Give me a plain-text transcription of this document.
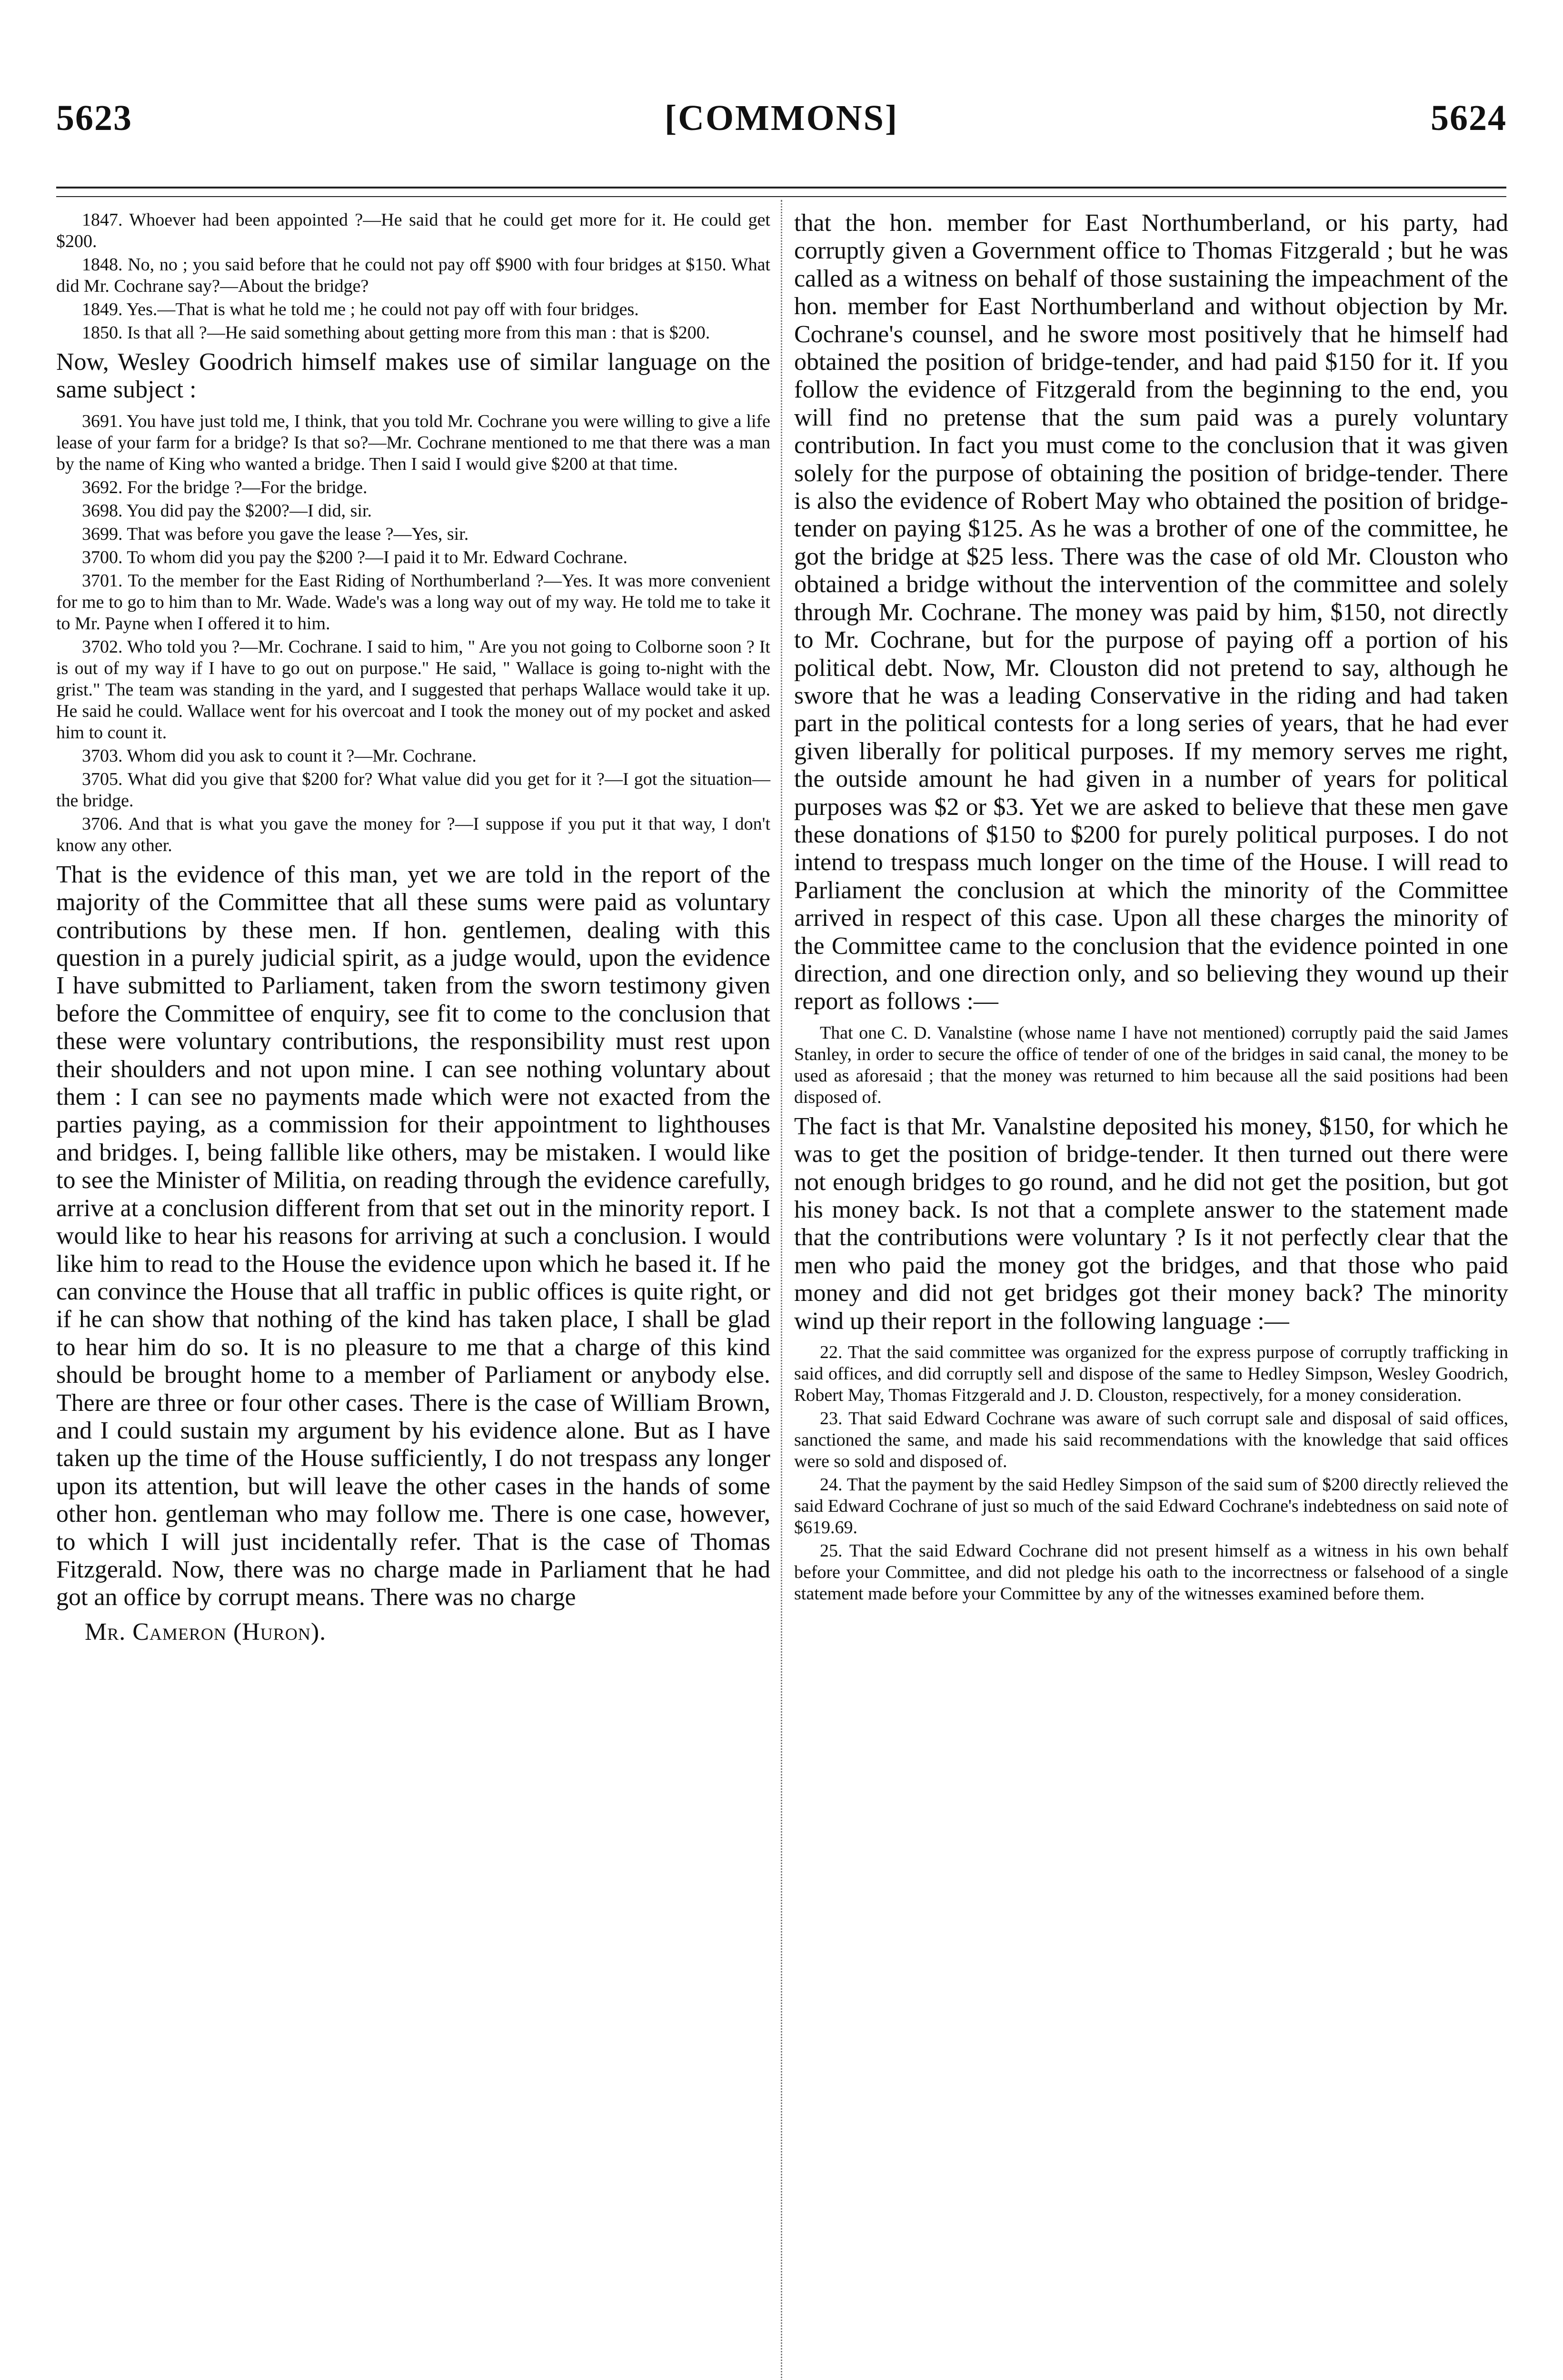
5623	[COMMONS]	5624

1847. Whoever had been appointed ?—He said that he could get more for it. He could get $200.

1848. No, no ; you said before that he could not pay off $900 with four bridges at $150. What did Mr. Cochrane say?—About the bridge?

1849. Yes.—That is what he told me ; he could not pay off with four bridges.

1850. Is that all ?—He said something about getting more from this man : that is $200.

Now, Wesley Goodrich himself makes use of similar language on the same subject :

3691. You have just told me, I think, that you told Mr. Cochrane you were willing to give a life lease of your farm for a bridge? Is that so?—Mr. Cochrane mentioned to me that there was a man by the name of King who wanted a bridge. Then I said I would give $200 at that time.

3692. For the bridge ?—For the bridge.

3698. You did pay the $200?—I did, sir.

3699. That was before you gave the lease ?—Yes, sir.

3700. To whom did you pay the $200 ?—I paid it to Mr. Edward Cochrane.

3701. To the member for the East Riding of Northumberland ?—Yes. It was more convenient for me to go to him than to Mr. Wade. Wade's was a long way out of my way. He told me to take it to Mr. Payne when I offered it to him.

3702. Who told you ?—Mr. Cochrane. I said to him, " Are you not going to Colborne soon ? It is out of my way if I have to go out on purpose." He said, " Wallace is going to-night with the grist." The team was standing in the yard, and I suggested that perhaps Wallace would take it up. He said he could. Wallace went for his overcoat and I took the money out of my pocket and asked him to count it.

3703. Whom did you ask to count it ?—Mr. Cochrane.

3705. What did you give that $200 for? What value did you get for it ?—I got the situation—the bridge.

3706. And that is what you gave the money for ?—I suppose if you put it that way, I don't know any other.

That is the evidence of this man, yet we are told in the report of the majority of the Committee that all these sums were paid as voluntary contributions by these men. If hon. gentlemen, dealing with this question in a purely judicial spirit, as a judge would, upon the evidence I have submitted to Parliament, taken from the sworn testimony given before the Committee of enquiry, see fit to come to the conclusion that these were voluntary contributions, the responsibility must rest upon their shoulders and not upon mine. I can see nothing voluntary about them : I can see no payments made which were not exacted from the parties paying, as a commission for their appointment to lighthouses and bridges. I, being fallible like others, may be mistaken. I would like to see the Minister of Militia, on reading through the evidence carefully, arrive at a conclusion different from that set out in the minority report. I would like to hear his reasons for arriving at such a conclusion. I would like him to read to the House the evidence upon which he based it. If he can convince the House that all traffic in public offices is quite right, or if he can show that nothing of the kind has taken place, I shall be glad to hear him do so. It is no pleasure to me that a charge of this kind should be brought home to a member of Parliament or anybody else. There are three or four other cases. There is the case of William Brown, and I could sustain my argument by his evidence alone. But as I have taken up the time of the House sufficiently, I do not trespass any longer upon its attention, but will leave the other cases in the hands of some other hon. gentleman who may follow me. There is one case, however, to which I will just incidentally refer. That is the case of Thomas Fitzgerald. Now, there was no charge made in Parliament that he had got an office by corrupt means. There was no charge

Mr. Cameron (Huron).

that the hon. member for East Northumberland, or his party, had corruptly given a Government office to Thomas Fitzgerald ; but he was called as a witness on behalf of those sustaining the impeachment of the hon. member for East Northumberland and without objection by Mr. Cochrane's counsel, and he swore most positively that he himself had obtained the position of bridge-tender, and had paid $150 for it. If you follow the evidence of Fitzgerald from the beginning to the end, you will find no pretense that the sum paid was a purely voluntary contribution. In fact you must come to the conclusion that it was given solely for the purpose of obtaining the position of bridge-tender. There is also the evidence of Robert May who obtained the position of bridge-tender on paying $125. As he was a brother of one of the committee, he got the bridge at $25 less. There was the case of old Mr. Clouston who obtained a bridge without the intervention of the committee and solely through Mr. Cochrane. The money was paid by him, $150, not directly to Mr. Cochrane, but for the purpose of paying off a portion of his political debt. Now, Mr. Clouston did not pretend to say, although he swore that he was a leading Conservative in the riding and had taken part in the political contests for a long series of years, that he had ever given liberally for political purposes. If my memory serves me right, the outside amount he had given in a number of years for political purposes was $2 or $3. Yet we are asked to believe that these men gave these donations of $150 to $200 for purely political purposes. I do not intend to trespass much longer on the time of the House. I will read to Parliament the conclusion at which the minority of the Committee arrived in respect of this case. Upon all these charges the minority of the Committee came to the conclusion that the evidence pointed in one direction, and one direction only, and so believing they wound up their report as follows :—

That one C. D. Vanalstine (whose name I have not mentioned) corruptly paid the said James Stanley, in order to secure the office of tender of one of the bridges in said canal, the money to be used as aforesaid ; that the money was returned to him because all the said positions had been disposed of.

The fact is that Mr. Vanalstine deposited his money, $150, for which he was to get the position of bridge-tender. It then turned out there were not enough bridges to go round, and he did not get the position, but got his money back. Is not that a complete answer to the statement made that the contributions were voluntary ? Is it not perfectly clear that the men who paid the money got the bridges, and that those who paid money and did not get bridges got their money back? The minority wind up their report in the following language :—

22. That the said committee was organized for the express purpose of corruptly trafficking in said offices, and did corruptly sell and dispose of the same to Hedley Simpson, Wesley Goodrich, Robert May, Thomas Fitzgerald and J. D. Clouston, respectively, for a money consideration.

23. That said Edward Cochrane was aware of such corrupt sale and disposal of said offices, sanctioned the same, and made his said recommendations with the knowledge that said offices were so sold and disposed of.

24. That the payment by the said Hedley Simpson of the said sum of $200 directly relieved the said Edward Cochrane of just so much of the said Edward Cochrane's indebtedness on said note of $619.69.

25. That the said Edward Cochrane did not present himself as a witness in his own behalf before your Committee, and did not pledge his oath to the incorrectness or falsehood of a single statement made before your Committee by any of the witnesses examined before them.
